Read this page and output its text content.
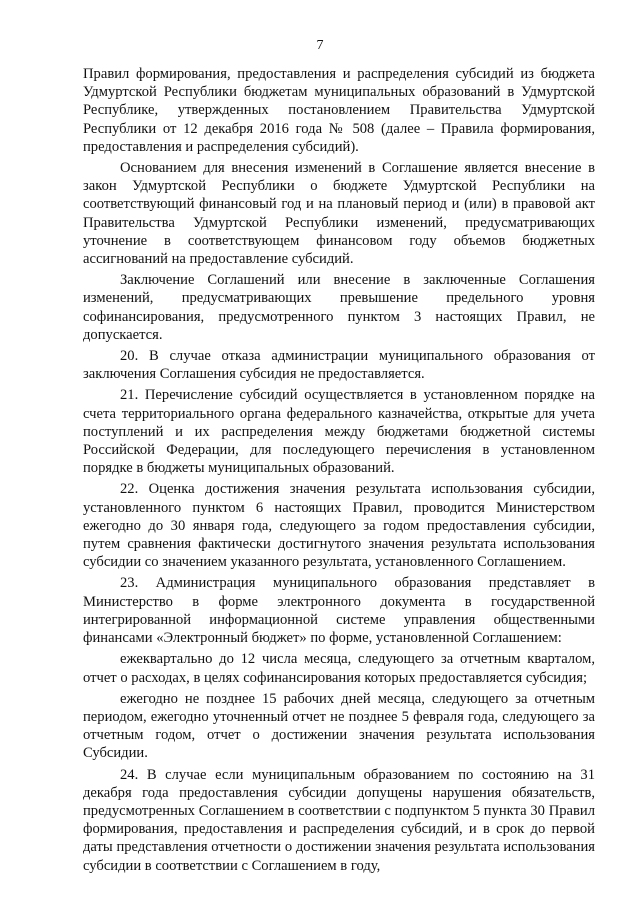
7

Правил формирования, предоставления и распределения субсидий из бюджета Удмуртской Республики бюджетам муниципальных образований в Удмуртской Республике, утвержденных постановлением Правительства Удмуртской Республики от 12 декабря 2016 года № 508 (далее – Правила формирования, предоставления и распределения субсидий).

Основанием для внесения изменений в Соглашение является внесение в закон Удмуртской Республики о бюджете Удмуртской Республики на соответствующий финансовый год и на плановый период и (или) в правовой акт Правительства Удмуртской Республики изменений, предусматривающих уточнение в соответствующем финансовом году объемов бюджетных ассигнований на предоставление субсидий.

Заключение Соглашений или внесение в заключенные Соглашения изменений, предусматривающих превышение предельного уровня софинансирования, предусмотренного пунктом 3 настоящих Правил, не допускается.

20. В случае отказа администрации муниципального образования от заключения Соглашения субсидия не предоставляется.

21. Перечисление субсидий осуществляется в установленном порядке на счета территориального органа федерального казначейства, открытые для учета поступлений и их распределения между бюджетами бюджетной системы Российской Федерации, для последующего перечисления в установленном порядке в бюджеты муниципальных образований.

22. Оценка достижения значения результата использования субсидии, установленного пунктом 6 настоящих Правил, проводится Министерством ежегодно до 30 января года, следующего за годом предоставления субсидии, путем сравнения фактически достигнутого значения результата использования субсидии со значением указанного результата, установленного Соглашением.

23. Администрация муниципального образования представляет в Министерство в форме электронного документа в государственной интегрированной информационной системе управления общественными финансами «Электронный бюджет» по форме, установленной Соглашением:

ежеквартально до 12 числа месяца, следующего за отчетным кварталом, отчет о расходах, в целях софинансирования которых предоставляется субсидия;

ежегодно не позднее 15 рабочих дней месяца, следующего за отчетным периодом, ежегодно уточненный отчет не позднее 5 февраля года, следующего за отчетным годом, отчет о достижении значения результата использования Субсидии.

24. В случае если муниципальным образованием по состоянию на 31 декабря года предоставления субсидии допущены нарушения обязательств, предусмотренных Соглашением в соответствии с подпунктом 5 пункта 30 Правил формирования, предоставления и распределения субсидий, и в срок до первой даты представления отчетности о достижении значения результата использования субсидии в соответствии с Соглашением в году,
